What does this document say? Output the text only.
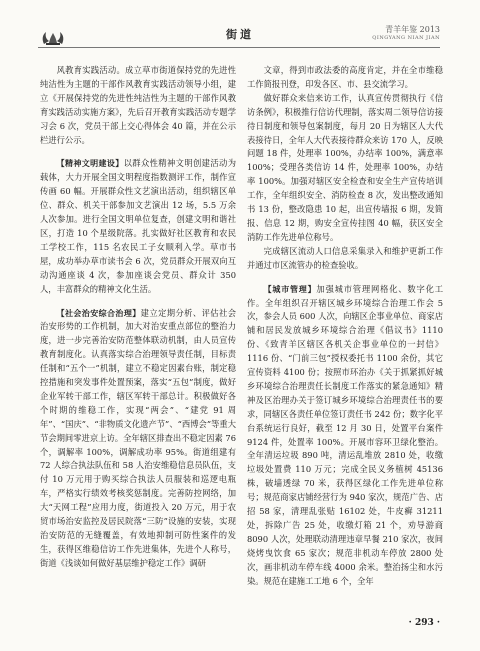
街道	青羊年鉴 2013
QINGYANG NIAN JIAN

风教育实践活动。成立草市街道保持党的先进性纯洁性为主题的干部作风教育实践活动领导小组，建立《开展保持党的先进性纯洁性为主题的干部作风教育实践活动实施方案》，先后召开教育实践活动专题学习会 6 次，党员干部上交心得体会 40 篇，并在公示栏进行公示。

【精神文明建设】以群众性精神文明创建活动为载体，大力开展全国文明程度指数测评工作，制作宣传画 60 幅。开展群众性文艺演出活动，组织辖区单位、群众、机关干部参加文艺演出 12 场，5.5 万余人次参加。进行全国文明单位复查，创建文明和谐社区，打造 10 个星级院落。扎实做好社区教育和农民工学校工作，115 名农民工子女顺利入学。草市书屋，成功举办草市读书会 6 次，党员群众开展双向互动沟通座谈 4 次，参加座谈会党员、群众计 350 人，丰富群众的精神文化生活。

【社会治安综合治理】建立定期分析、评估社会治安形势的工作机制，加大对治安重点部位的整治力度，进一步完善治安防范整体联动机制，由人员宣传教育制度化。认真落实综合治理领导责任制，目标责任制和“五个一”机制，建立不稳定因素台账，制定稳控措施和突发事件处置预案，落实“五包”制度，做好企业军转干部工作，辖区军转干部总计。积极做好各个时期的维稳工作，实现“两会”、“建党 91 周年”、“国庆”、“非物质文化遗产节”、“西博会”等重大节会期间零进京上访。全年辖区排查出不稳定因素 76 个，调解率 100%，调解成功率 95%。街道组建有 72 人综合执法队伍和 58 人治安维稳信息员队伍，支付 10 万元用于购买综合执法人员服装和巡逻电瓶车，严格实行绩效考核奖惩制度。完善防控网络，加大“天网工程”应用力度，街道投入 20 万元，用于农贸市场治安监控及居民院落“三防”设施的安装，实现治安防范的无缝覆盖，有效地抑制可防性案件的发生，获得区维稳信访工作先进集体，先进个人称号，街道《浅谈如何做好基层维护稳定工作》调研

文章，得到市政法委的高度肯定，并在全市维稳工作简报刊登，印发各区、市、县交流学习。

做好群众来信来访工作，认真宣传贯彻执行《信访条例》，积极推行信访代理制，落实周二领导信访接待日制度和领导包案制度，每月 20 日为辖区人大代表接待日，全年人大代表接待群众来访 170 人，反映问题 18 件，处理率 100%，办结率 100%，满意率 100%；受理各类信访 14 件，处理率 100%，办结率 100%。加强对辖区安全检查和安全生产宣传培训工作，全年组织安全、消防检查 8 次，发出整改通知书 13 份，整改隐患 10 起，出宣传墙报 6 期，发简报、信息 12 期，购安全宣传挂图 40 幅，获区安全消防工作先进单位称号。

完成辖区流动人口信息采集录入和维护更新工作并通过市区流管办的检查验收。

【城市管理】加强城市管理网格化、数字化工作。全年组织召开辖区城乡环境综合治理工作会 5 次，参会人员 600 人次，向辖区企事业单位、商家店铺和居民发放城乡环境综合治理《倡议书》1110 份、《致青羊区辖区各机关企事业单位的一封信》1116 份、“门前三包”授权委托书 1100 余份，其它宣传资料 4100 份；按照市环治办《关于抓紧抓好城乡环境综合治理责任长制度工作落实的紧急通知》精神及区治理办关于签订城乡环境综合治理责任书的要求，同辖区各责任单位签订责任书 242 份；数字化平台系统运行良好，截至 12 月 30 日，处置平台案件 9124 件，处置率 100%。开展市容环卫绿化整治。全年清运垃圾 890 吨，清运乱堆放 2810 处，收缴垃圾处置费 110 万元；完成全民义务植树 45136 株，破墙透绿 70 米，获得区绿化工作先进单位称号；规范商家店铺经营行为 940 家次，规范广告、店招 58 家，清理乱张贴 16102 处，牛皮癣 31211 处，拆除广告 25 处，收缴灯箱 21 个，劝导游商 8090 人次，处理联动清理违章早餐 210 家次，夜间烧烤曳饮食 65 家次；规范非机动车停放 2800 处次，画非机动车停车线 4000 余米。整治扬尘和水污染。规范在建施工工地 6 个，全年

· 293 ·
